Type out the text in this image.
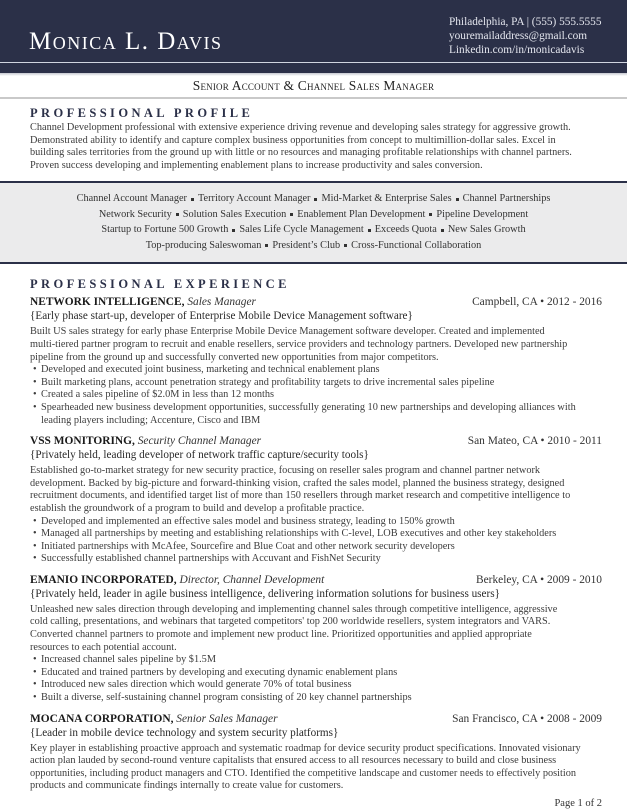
Monica L. Davis
Philadelphia, PA | (555) 555.5555
youremailaddress@gmail.com
Linkedin.com/in/monicadavis
Senior Account & Channel Sales Manager
PROFESSIONAL PROFILE
Channel Development professional with extensive experience driving revenue and developing sales strategy for aggressive growth.
Demonstrated ability to identify and capture complex business opportunities from concept to multimillion-dollar sales. Excel in
building sales territories from the ground up with little or no resources and managing profitable relationships with channel partners.
Proven success developing and implementing enablement plans to increase productivity and sales conversion.
Channel Account Manager Territory Account Manager Mid-Market & Enterprise Sales Channel Partnerships
Network Security Solution Sales Execution Enablement Plan Development Pipeline Development
Startup to Fortune 500 Growth Sales Life Cycle Management Exceeds Quota New Sales Growth
Top-producing Saleswoman President’s Club Cross-Functional Collaboration
PROFESSIONAL EXPERIENCE
NETWORK INTELLIGENCE, Sales Manager	Campbell, CA • 2012 - 2016
{Early phase start-up, developer of Enterprise Mobile Device Management software}
Built US sales strategy for early phase Enterprise Mobile Device Management software developer. Created and implemented
multi-tiered partner program to recruit and enable resellers, service providers and technology partners. Developed new partnership
pipeline from the ground up and successfully converted new opportunities from major competitors.
• Developed and executed joint business, marketing and technical enablement plans
• Built marketing plans, account penetration strategy and profitability targets to drive incremental sales pipeline
• Created a sales pipeline of $2.0M in less than 12 months
• Spearheaded new business development opportunities, successfully generating 10 new partnerships and developing alliances with leading players including; Accenture, Cisco and IBM
VSS MONITORING, Security Channel Manager	San Mateo, CA • 2010 - 2011
{Privately held, leading developer of network traffic capture/security tools}
Established go-to-market strategy for new security practice, focusing on reseller sales program and channel partner network
development. Backed by big-picture and forward-thinking vision, crafted the sales model, planned the business strategy, designed
recruitment documents, and identified target list of more than 150 resellers through market research and competitive intelligence to
establish the groundwork of a program to build and develop a profitable practice.
• Developed and implemented an effective sales model and business strategy, leading to 150% growth
• Managed all partnerships by meeting and establishing relationships with C-level, LOB executives and other key stakeholders
• Initiated partnerships with McAfee, Sourcefire and Blue Coat and other network security developers
• Successfully established channel partnerships with Accuvant and FishNet Security
EMANIO INCORPORATED, Director, Channel Development	Berkeley, CA • 2009 - 2010
{Privately held, leader in agile business intelligence, delivering information solutions for business users}
Unleashed new sales direction through developing and implementing channel sales through competitive intelligence, aggressive
cold calling, presentations, and webinars that targeted competitors' top 200 worldwide resellers, system integrators and VARS.
Converted channel partners to promote and implement new product line. Prioritized opportunities and applied appropriate
resources to each potential account.
• Increased channel sales pipeline by $1.5M
• Educated and trained partners by developing and executing dynamic enablement plans
• Introduced new sales direction which would generate 70% of total business
• Built a diverse, self-sustaining channel program consisting of 20 key channel partnerships
MOCANA CORPORATION, Senior Sales Manager	San Francisco, CA • 2008 - 2009
{Leader in mobile device technology and system security platforms}
Key player in establishing proactive approach and systematic roadmap for device security product specifications. Innovated visionary
action plan lauded by second-round venture capitalists that ensured access to all resources necessary to build and close business
opportunities, including product managers and CTO. Identified the competitive landscape and customer needs to effectively position
products and communicate findings internally to create value for customers.
Page 1 of 2
